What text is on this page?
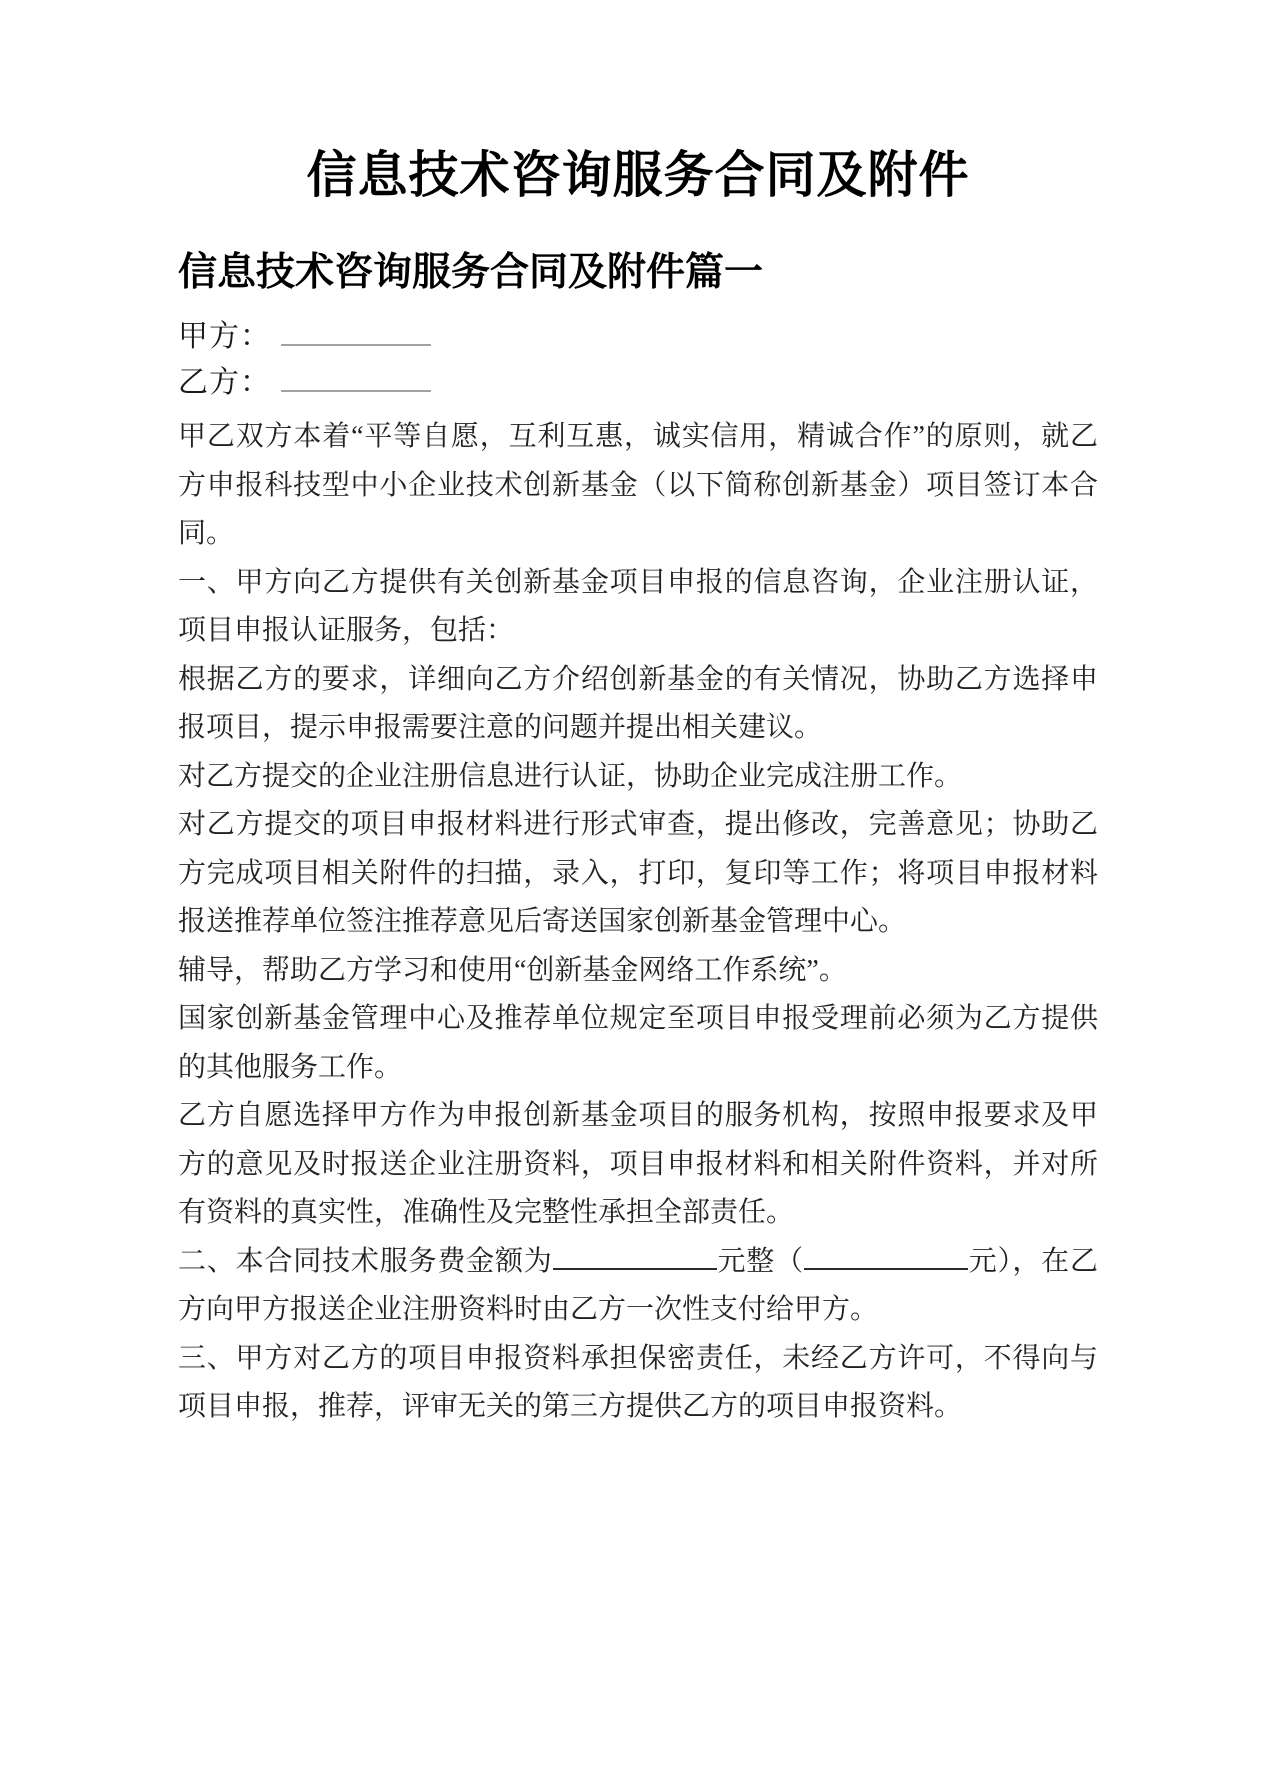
信息技术咨询服务合同及附件
信息技术咨询服务合同及附件篇一
甲方：
乙方：

甲乙双方本着“平等自愿，互利互惠，诚实信用，精诚合作”的原则，就乙方申报科技型中小企业技术创新基金（以下简称创新基金）项目签订本合同。

一、甲方向乙方提供有关创新基金项目申报的信息咨询，企业注册认证，项目申报认证服务，包括：

根据乙方的要求，详细向乙方介绍创新基金的有关情况，协助乙方选择申报项目，提示申报需要注意的问题并提出相关建议。

对乙方提交的企业注册信息进行认证，协助企业完成注册工作。

对乙方提交的项目申报材料进行形式审查，提出修改，完善意见；协助乙方完成项目相关附件的扫描，录入，打印，复印等工作；将项目申报材料报送推荐单位签注推荐意见后寄送国家创新基金管理中心。

辅导，帮助乙方学习和使用“创新基金网络工作系统”。

国家创新基金管理中心及推荐单位规定至项目申报受理前必须为乙方提供的其他服务工作。

乙方自愿选择甲方作为申报创新基金项目的服务机构，按照申报要求及甲方的意见及时报送企业注册资料，项目申报材料和相关附件资料，并对所有资料的真实性，准确性及完整性承担全部责任。

二、本合同技术服务费金额为	元整（	元），在乙方向甲方报送企业注册资料时由乙方一次性支付给甲方。

三、甲方对乙方的项目申报资料承担保密责任，未经乙方许可，不得向与项目申报，推荐，评审无关的第三方提供乙方的项目申报资料。
